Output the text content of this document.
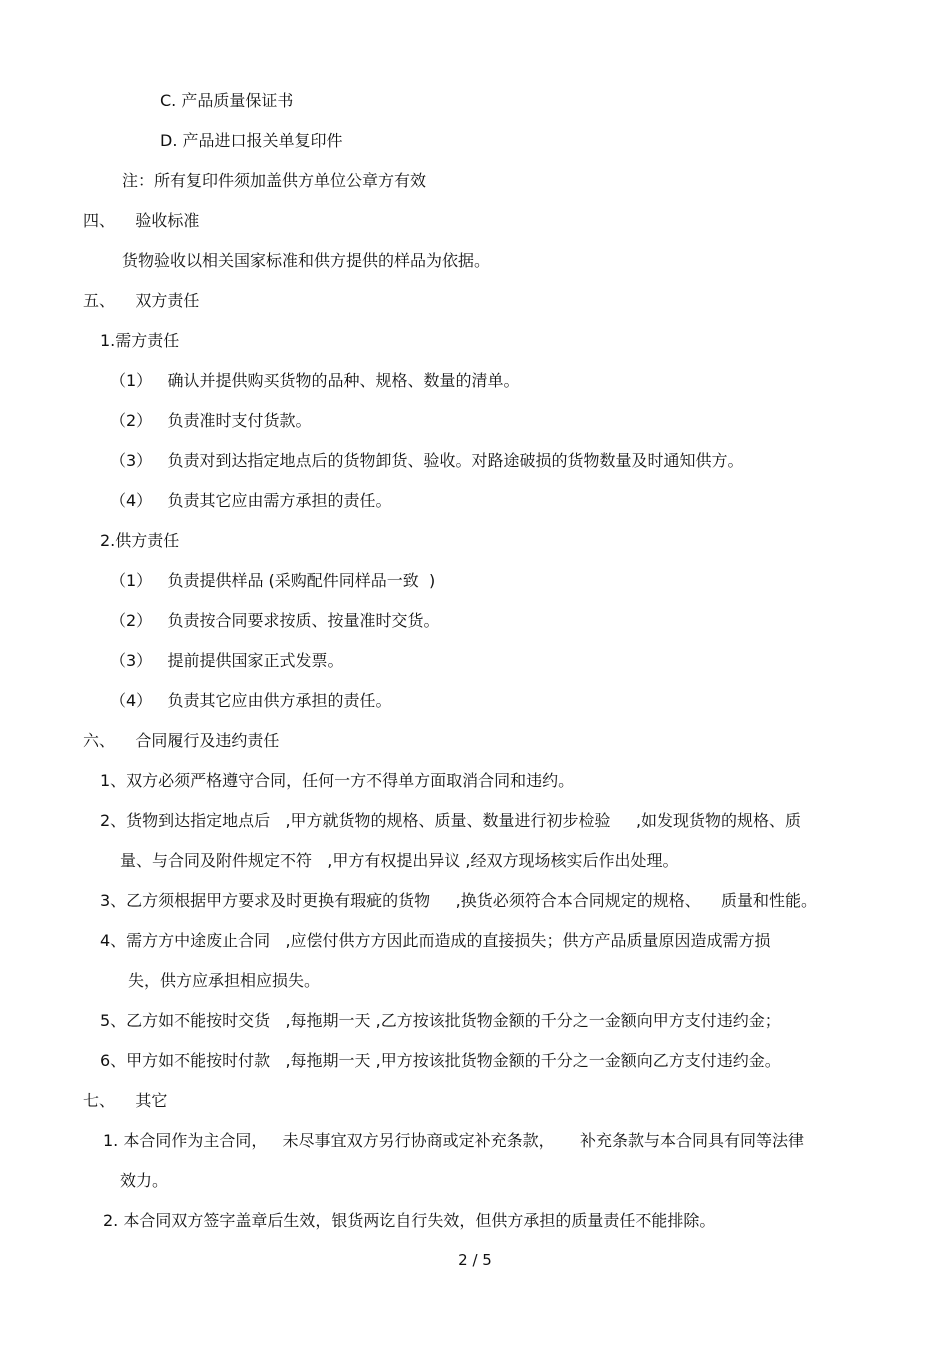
C. 产品质量保证书
D. 产品进口报关单复印件
注：所有复印件须加盖供方单位公章方有效
四、    验收标准
货物验收以相关国家标准和供方提供的样品为依据。
五、    双方责任
1.需方责任
（1）   确认并提供购买货物的品种、规格、数量的清单。
（2）   负责准时支付货款。
（3）   负责对到达指定地点后的货物卸货、验收。对路途破损的货物数量及时通知供方。
（4）   负责其它应由需方承担的责任。
2.供方责任
（1）   负责提供样品 (采购配件同样品一致  )
（2）   负责按合同要求按质、按量准时交货。
（3）   提前提供国家正式发票。
（4）   负责其它应由供方承担的责任。
六、    合同履行及违约责任
1、双方必须严格遵守合同，任何一方不得单方面取消合同和违约。
2、货物到达指定地点后   ,甲方就货物的规格、质量、数量进行初步检验     ,如发现货物的规格、质
量、与合同及附件规定不符   ,甲方有权提出异议 ,经双方现场核实后作出处理。
3、乙方须根据甲方要求及时更换有瑕疵的货物     ,换货必须符合本合同规定的规格、    质量和性能。
4、需方方中途废止合同   ,应偿付供方方因此而造成的直接损失；供方产品质量原因造成需方损
失，供方应承担相应损失。
5、乙方如不能按时交货   ,每拖期一天 ,乙方按该批货物金额的千分之一金额向甲方支付违约金；
6、甲方如不能按时付款   ,每拖期一天 ,甲方按该批货物金额的千分之一金额向乙方支付违约金。
七、    其它
1. 本合同作为主合同，   未尽事宜双方另行协商或定补充条款，     补充条款与本合同具有同等法律
效力。
2. 本合同双方签字盖章后生效，银货两讫自行失效，但供方承担的质量责任不能排除。
2 / 5
